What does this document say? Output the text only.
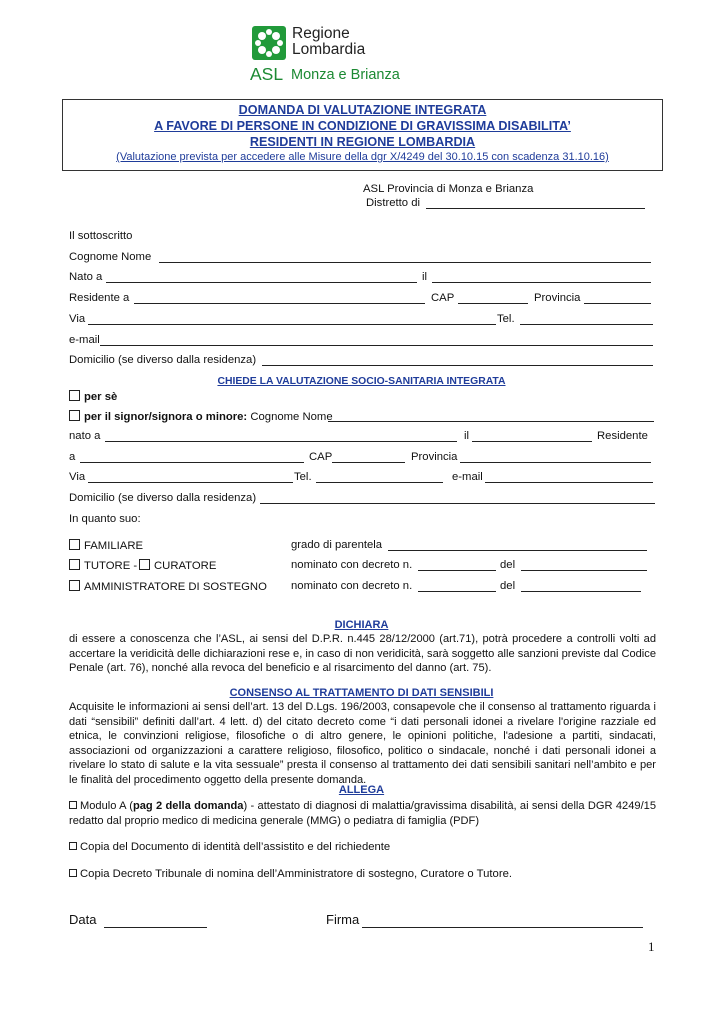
Regione
Lombardia
ASL Monza e Brianza
DOMANDA DI VALUTAZIONE INTEGRATA
A FAVORE DI PERSONE IN CONDIZIONE DI GRAVISSIMA DISABILITA’
RESIDENTI IN REGIONE LOMBARDIA
(Valutazione prevista per accedere alle Misure della dgr X/4249 del 30.10.15 con scadenza 31.10.16)
ASL Provincia di Monza e Brianza
Distretto di
Il sottoscritto
Cognome Nome
Nato a	il
Residente a	CAP	Provincia
Via	Tel.
e-mail
Domicilio (se diverso dalla residenza)
CHIEDE LA VALUTAZIONE SOCIO-SANITARIA INTEGRATA
per sè
per il signor/signora o minore: Cognome Nome
nato a	il	Residente
a	CAP	Provincia
Via	Tel.	e-mail
Domicilio (se diverso dalla residenza)
In quanto suo:
FAMILIARE	grado di parentela
TUTORE -	CURATORE	nominato con decreto n.	del
AMMINISTRATORE DI SOSTEGNO nominato con decreto n.	del
DICHIARA
di essere a conoscenza che l’ASL, ai sensi del D.P.R. n.445 28/12/2000 (art.71), potrà procedere a controlli volti ad accertare la veridicità delle dichiarazioni rese e, in caso di non veridicità, sarà soggetto alle sanzioni previste dal Codice Penale (art. 76), nonché alla revoca del beneficio e al risarcimento del danno (art. 75).
CONSENSO AL TRATTAMENTO DI DATI SENSIBILI
Acquisite le informazioni ai sensi dell’art. 13 del D.Lgs. 196/2003, consapevole che il consenso al trattamento riguarda i dati “sensibili” definiti dall’art. 4 lett. d) del citato decreto come “i dati personali idonei a rivelare l'origine razziale ed etnica, le convinzioni religiose, filosofiche o di altro genere, le opinioni politiche, l'adesione a partiti, sindacati, associazioni od organizzazioni a carattere religioso, filosofico, politico o sindacale, nonché i dati personali idonei a rivelare lo stato di salute e la vita sessuale” presta il consenso al trattamento dei dati sensibili sanitari nell’ambito e per le finalità del procedimento oggetto della presente domanda.
ALLEGA
Modulo A (pag 2 della domanda) - attestato di diagnosi di malattia/gravissima disabilità, ai sensi della DGR 4249/15 redatto dal proprio medico di medicina generale (MMG) o pediatra di famiglia (PDF)
Copia del Documento di identità dell’assistito e del richiedente
Copia Decreto Tribunale di nomina dell’Amministratore di sostegno, Curatore o Tutore.
Data	Firma
1
